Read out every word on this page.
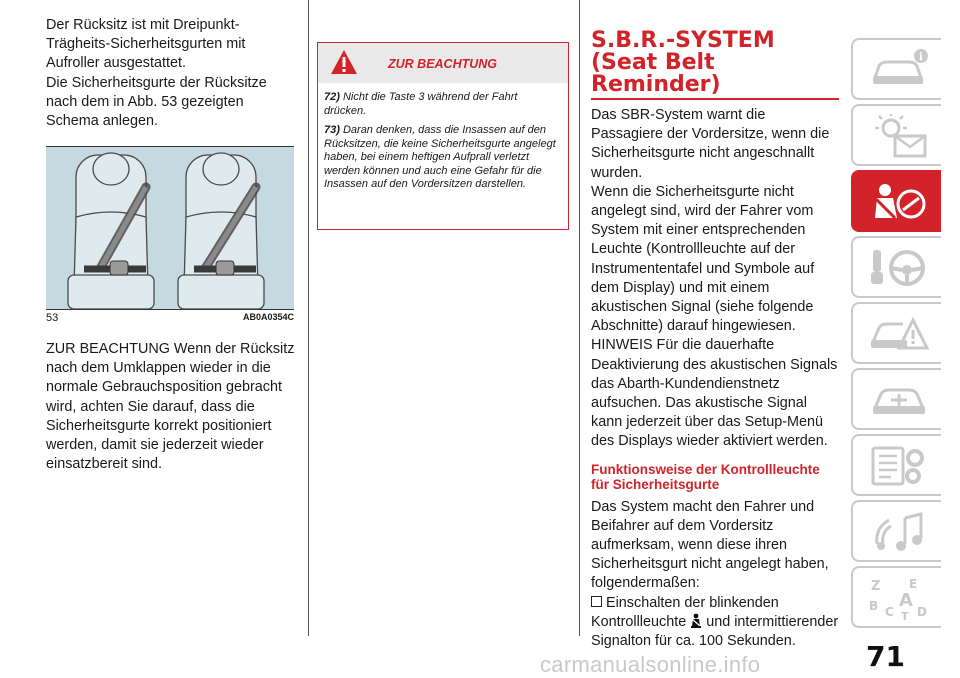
Der Rücksitz ist mit Dreipunkt-Trägheits-Sicherheitsgurten mit Aufroller ausgestattet.

Die Sicherheitsgurte der Rücksitze nach dem in Abb. 53 gezeigten Schema anlegen.

53	AB0A0354C

ZUR BEACHTUNG Wenn der Rücksitz nach dem Umklappen wieder in die normale Gebrauchsposition gebracht wird, achten Sie darauf, dass die Sicherheitsgurte korrekt positioniert werden, damit sie jederzeit wieder einsatzbereit sind.

ZUR BEACHTUNG

72) Nicht die Taste 3 während der Fahrt drücken.

73) Daran denken, dass die Insassen auf den Rücksitzen, die keine Sicherheitsgurte angelegt haben, bei einem heftigen Aufprall verletzt werden können und auch eine Gefahr für die Insassen auf den Vordersitzen darstellen.

S.B.R.-SYSTEM
(Seat Belt
Reminder)

Das SBR-System warnt die Passagiere der Vordersitze, wenn die Sicherheitsgurte nicht angeschnallt wurden.

Wenn die Sicherheitsgurte nicht angelegt sind, wird der Fahrer vom System mit einer entsprechenden Leuchte (Kontrollleuchte auf der Instrumententafel und Symbole auf dem Display) und mit einem akustischen Signal (siehe folgende Abschnitte) darauf hingewiesen.

HINWEIS Für die dauerhafte Deaktivierung des akustischen Signals das Abarth-Kundendienstnetz aufsuchen. Das akustische Signal kann jederzeit über das Setup-Menü des Displays wieder aktiviert werden.

Funktionsweise der Kontrollleuchte für Sicherheitsgurte

Das System macht den Fahrer und Beifahrer auf dem Vordersitz aufmerksam, wenn diese ihren Sicherheitsgurt nicht angelegt haben, folgendermaßen:

Einschalten der blinkenden Kontrollleuchte und intermittierender Signalton für ca. 100 Sekunden.

i
Z E
B A
C D
T
71
carmanualsonline.info
